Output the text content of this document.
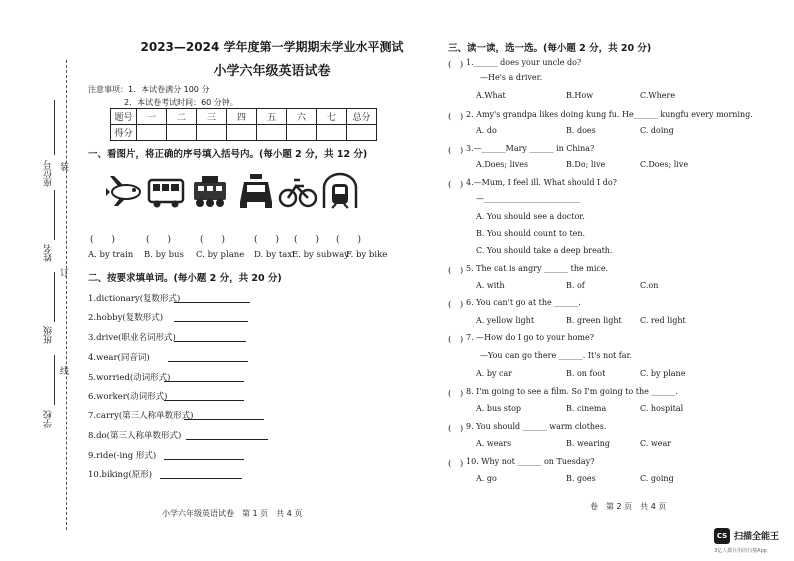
座位号
姓名
班级
学校
装
订
线
2023—2024 学年度第一学期期末学业水平测试
小学六年级英语试卷
注意事项：1．本试卷满分 100 分
2．本试卷考试时间：60 分钟。
题号	一	二	三	四	五	六	七	总分
得分								
一、看图片，将正确的序号填入括号内。(每小题 2 分，共 12 分)
(　　)	(　　)	(　　)	(　　) (　　) (　　)
A. by train B. by bus C. by plane D. by taxi
E. by subway
F. by bike
二、按要求填单词。(每小题 2 分，共 20 分)
1.dictionary(复数形式)
2.hobby(复数形式)
3.drive(职业名词形式)
4.wear(同音词)
5.worried(动词形式)
6.worker(动词形式)
7.carry(第三人称单数形式)
8.do(第三人称单数形式)
9.ride(-ing 形式)
10.biking(原形)
小学六年级英语试卷　第 1 页　共 4 页
三、读一读，选一选。(每小题 2 分，共 20 分)
(　) 1.______ does your uncle do?
—He's a driver.
A.What	B.How	C.Where
(　) 2. Amy's grandpa likes doing kung fu. He______ kungfu every morning.
A. do	B. does	C. doing
(　) 3.—______Mary ______ in China?
A.Does; lives	B.Do; live	C.Does; live
(　) 4.—Mum, I feel ill. What should I do?
—________________________
A. You should see a doctor.
B. You should count to ten.
C. You should take a deep breath.
(　) 5. The cat is angry ______ the mice.
A. with	B. of	C.on
(　) 6. You can't go at the ______.
A. yellow light	B. green light C. red light
(　) 7. —How do I go to your home?
—You can go there ______. It's not far.
A. by car	B. on foot	C. by plane
(　) 8. I'm going to see a film. So I'm going to the ______.
A. bus stop	B. cinema	C. hospital
(　) 9. You should ______ warm clothes.
A. wears	B. wearing	C. wear
(　) 10. Why not ______ on Tuesday?
A. go	B. goes	C. going
卷　第 2 页　共 4 页
CS 扫描全能王
3亿人都在用的扫描App
